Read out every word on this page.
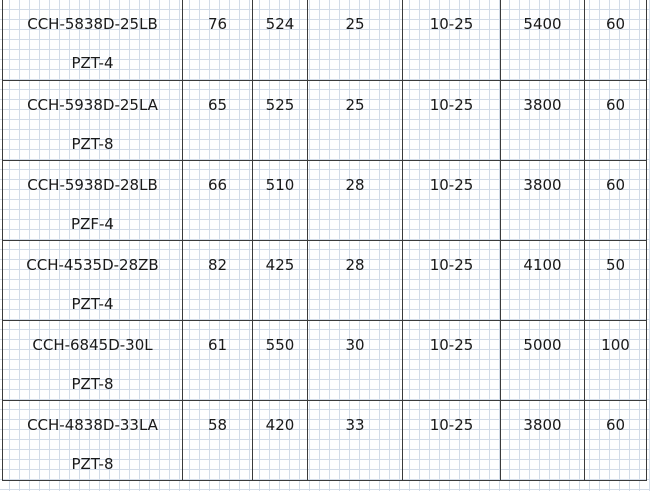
CCH-5838D-25LB
PZT-4	76	524	25	10-25	5400	60

CCH-5938D-25LA
PZT-8	65	525	25	10-25	3800	60

CCH-5938D-28LB
PZF-4	66	510	28	10-25	3800	60

CCH-4535D-28ZB
PZT-4	82	425	28	10-25	4100	50

CCH-6845D-30L
PZT-8	61	550	30	10-25	5000	100

CCH-4838D-33LA
PZT-8	58	420	33	10-25	3800	60
